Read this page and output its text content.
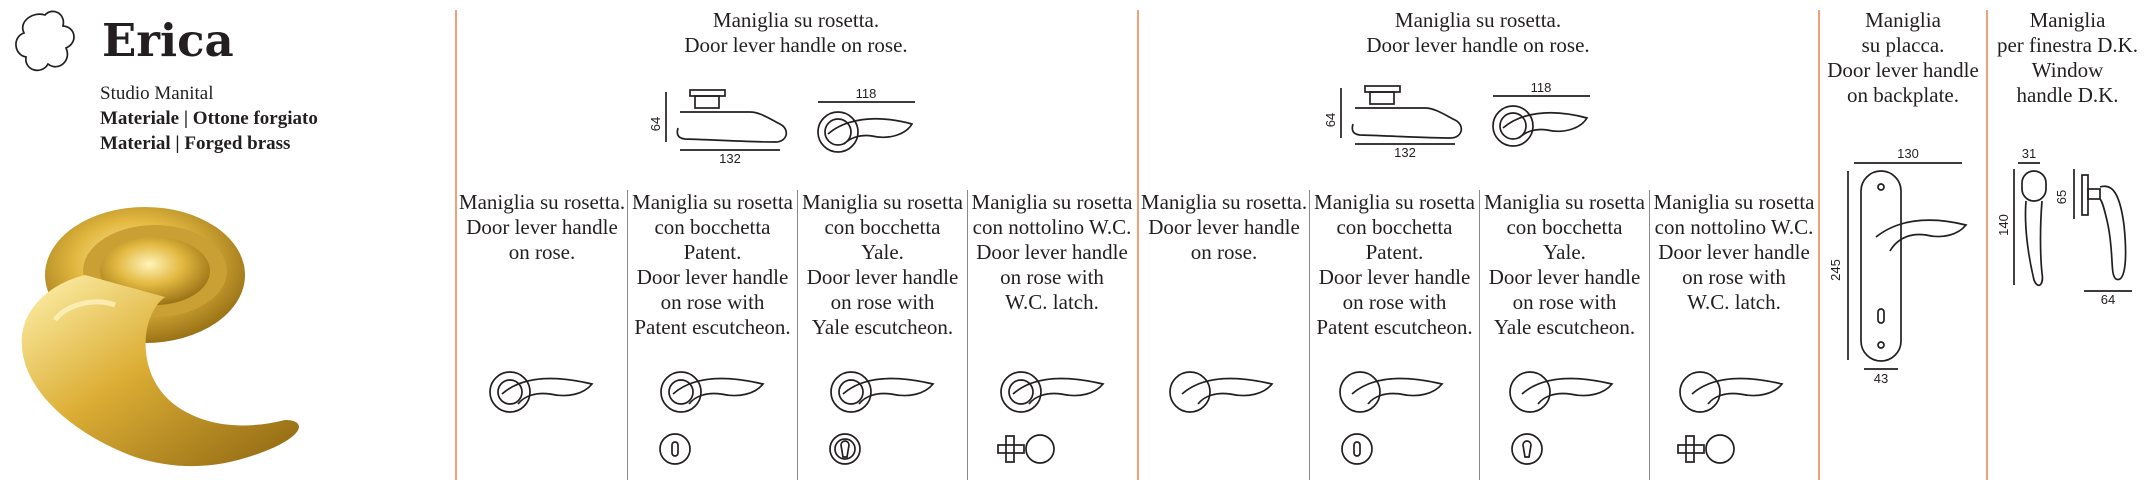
Erica
Studio Manital
Materiale | Ottone forgiato
Material | Forged brass
Maniglia su rosetta.
Door lever handle on rose.
64
132
118
Maniglia su rosetta.
Door lever handle on rose.
64
132
118
Maniglia su rosetta.
Door lever handle
on rose.
Maniglia su rosetta
con bocchetta
Patent.
Door lever handle
on rose with
Patent escutcheon.
Maniglia su rosetta
con bocchetta
Yale.
Door lever handle
on rose with
Yale escutcheon.
Maniglia su rosetta
con nottolino W.C.
Door lever handle
on rose with
W.C. latch.
Maniglia su rosetta.
Door lever handle
on rose.
Maniglia su rosetta
con bocchetta
Patent.
Door lever handle
on rose with
Patent escutcheon.
Maniglia su rosetta
con bocchetta
Yale.
Door lever handle
on rose with
Yale escutcheon.
Maniglia su rosetta
con nottolino W.C.
Door lever handle
on rose with
W.C. latch.
Maniglia
su placca.
Door lever handle
on backplate.
130
245
43
Maniglia
per finestra D.K.
Window
handle D.K.
31
140
65
64
